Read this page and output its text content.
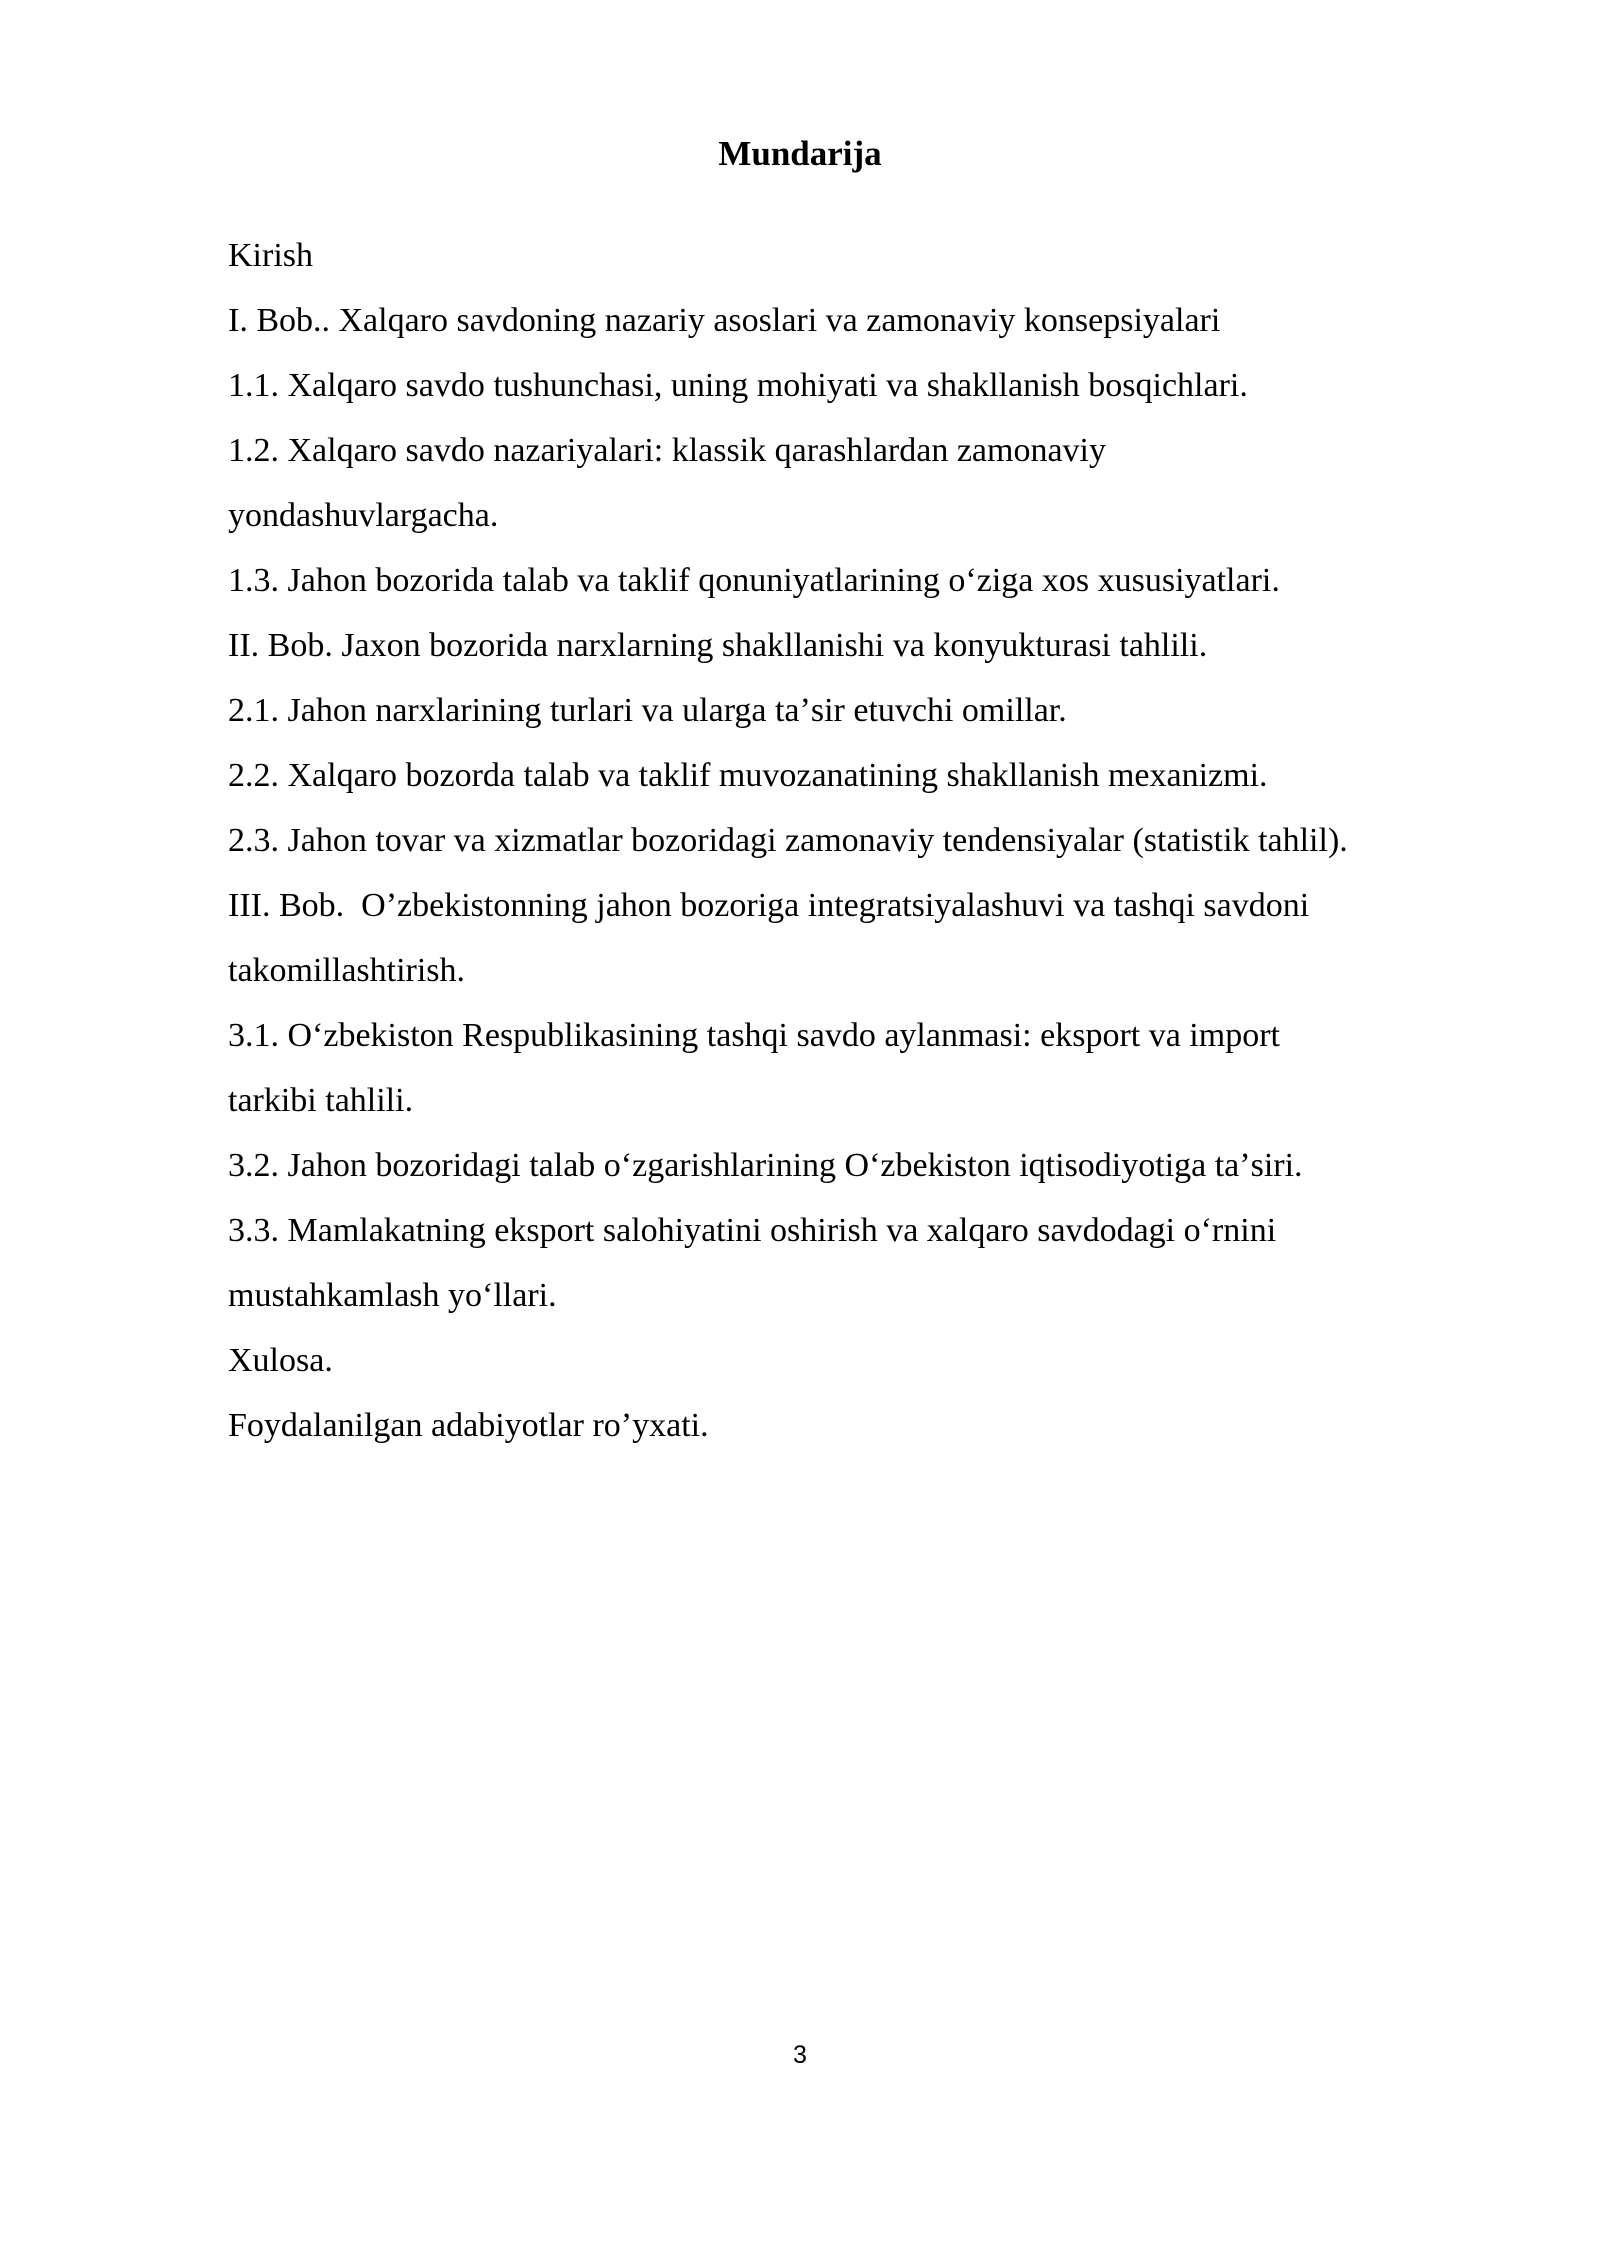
Mundarija
Kirish
I. Bob.. Xalqaro savdoning nazariy asoslari va zamonaviy konsepsiyalari
1.1. Xalqaro savdo tushunchasi, uning mohiyati va shakllanish bosqichlari.
1.2. Xalqaro savdo nazariyalari: klassik qarashlardan zamonaviy
yondashuvlargacha.
1.3. Jahon bozorida talab va taklif qonuniyatlarining oʻziga xos xususiyatlari.
II. Bob. Jaxon bozorida narxlarning shakllanishi va konyukturasi tahlili.
2.1. Jahon narxlarining turlari va ularga taʼsir etuvchi omillar.
2.2. Xalqaro bozorda talab va taklif muvozanatining shakllanish mexanizmi.
2.3. Jahon tovar va xizmatlar bozoridagi zamonaviy tendensiyalar (statistik tahlil).
III. Bob.  Oʼzbekistonning jahon bozoriga integratsiyalashuvi va tashqi savdoni
takomillashtirish.
3.1. Oʻzbekiston Respublikasining tashqi savdo aylanmasi: eksport va import
tarkibi tahlili.
3.2. Jahon bozoridagi talab oʻzgarishlarining Oʻzbekiston iqtisodiyotiga taʼsiri.
3.3. Mamlakatning eksport salohiyatini oshirish va xalqaro savdodagi oʻrnini
mustahkamlash yoʻllari.
Xulosa.
Foydalanilgan adabiyotlar roʼyxati.
3
